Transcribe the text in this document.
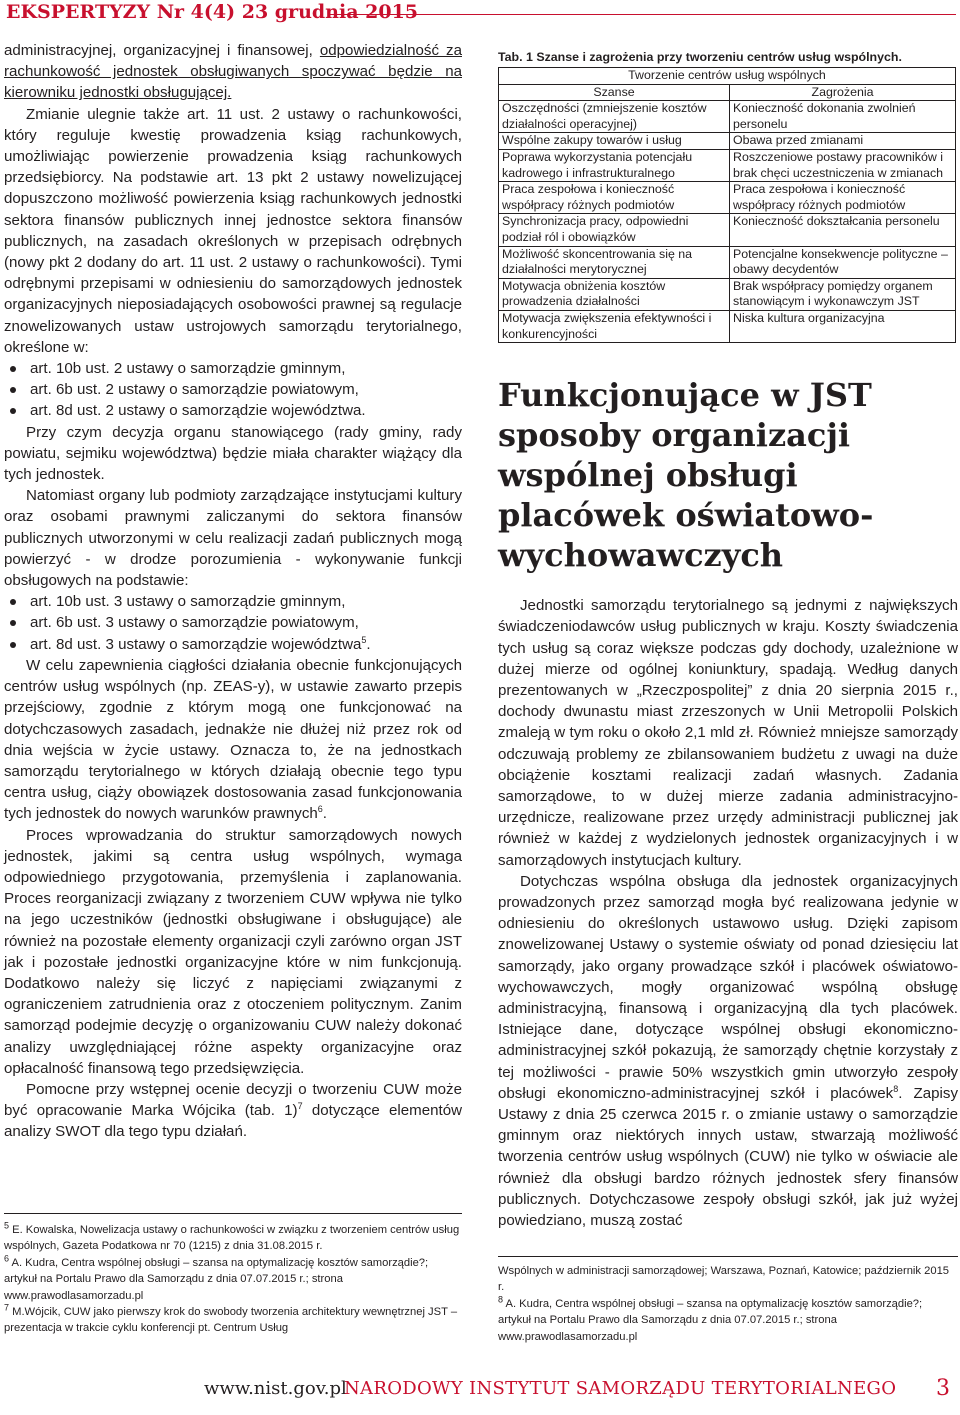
EKSPERTYZY Nr 4(4) 23 grudnia 2015

administracyjnej, organizacyjnej i finansowej, odpowiedzialność za rachunkowość jednostek obsługiwanych spoczywać będzie na kierowniku jednostki obsługującej.

Zmianie ulegnie także art. 11 ust. 2 ustawy o rachunkowości, który reguluje kwestię prowadzenia ksiąg rachunkowych, umożliwiając powierzenie prowadzenia ksiąg rachunkowych przedsiębiorcy. Na podstawie art. 13 pkt 2 ustawy nowelizującej dopuszczono możliwość powierzenia ksiąg rachunkowych jednostki sektora finansów publicznych innej jednostce sektora finansów publicznych, na zasadach określonych w przepisach odrębnych (nowy pkt 2 dodany do art. 11 ust. 2 ustawy o rachunkowości). Tymi odrębnymi przepisami w odniesieniu do samorządowych jednostek organizacyjnych nieposiadających osobowości prawnej są regulacje znowelizowanych ustaw ustrojowych samorządu terytorialnego, określone w:

art. 10b ust. 2 ustawy o samorządzie gminnym,
art. 6b ust. 2 ustawy o samorządzie powiatowym,
art. 8d ust. 2 ustawy o samorządzie województwa.

Przy czym decyzja organu stanowiącego (rady gminy, rady powiatu, sejmiku województwa) będzie miała charakter wiążący dla tych jednostek.

Natomiast organy lub podmioty zarządzające instytucjami kultury oraz osobami prawnymi zaliczanymi do sektora finansów publicznych utworzonymi w celu realizacji zadań publicznych mogą powierzyć - w drodze porozumienia - wykonywanie funkcji obsługowych na podstawie:

art. 10b ust. 3 ustawy o samorządzie gminnym,
art. 6b ust. 3 ustawy o samorządzie powiatowym,
art. 8d ust. 3 ustawy o samorządzie województwa$^5$.

W celu zapewnienia ciągłości działania obecnie funkcjonujących centrów usług wspólnych (np. ZEAS-y), w ustawie zawarto przepis przejściowy, zgodnie z którym mogą one funkcjonować na dotychczasowych zasadach, jednakże nie dłużej niż przez rok od dnia wejścia w życie ustawy. Oznacza to, że na jednostkach samorządu terytorialnego w których działają obecnie tego typu centra usług, ciąży obowiązek dostosowania zasad funkcjonowania tych jednostek do nowych warunków prawnych$^6$.

Proces wprowadzania do struktur samorządowych nowych jednostek, jakimi są centra usług wspólnych, wymaga odpowiedniego przygotowania, przemyślenia i zaplanowania. Proces reorganizacji związany z tworzeniem CUW wpływa nie tylko na jego uczestników (jednostki obsługiwane i obsługujące) ale również na pozostałe elementy organizacji czyli zarówno organ JST jak i pozostałe jednostki organizacyjne które w nim funkcjonują. Dodatkowo należy się liczyć z napięciami związanymi z ograniczeniem zatrudnienia oraz z otoczeniem politycznym. Zanim samorząd podejmie decyzję o organizowaniu CUW należy dokonać analizy uwzględniającej różne aspekty organizacyjne oraz opłacalność finansową tego przedsięwzięcia.

Pomocne przy wstępnej ocenie decyzji o tworzeniu CUW może być opracowanie Marka Wójcika (tab. 1)$^7$ dotyczące elementów analizy SWOT dla tego typu działań.

$^5$ E. Kowalska, Nowelizacja ustawy o rachunkowości w związku z tworzeniem centrów usług wspólnych, Gazeta Podatkowa nr 70 (1215) z dnia 31.08.2015 r.

$^6$ A. Kudra, Centra wspólnej obsługi – szansa na optymalizację kosztów samorządie?; artykuł na Portalu Prawo dla Samorządu z dnia 07.07.2015 r.; strona www.prawodlasamorzadu.pl

$^7$ M.Wójcik, CUW jako pierwszy krok do swobody tworzenia architektury wewnętrznej JST – prezentacja w trakcie cyklu konferencji pt. Centrum Usług

Tab. 1 Szanse i zagrożenia przy tworzeniu centrów usług wspólnych.
Tworzenie centrów usług wspólnych	
Szanse	Zagrożenia
Oszczędności (zmniejszenie kosztów działalności operacyjnej)	Konieczność dokonania zwolnień personelu
Wspólne zakupy towarów i usług	Obawa przed zmianami
Poprawa wykorzystania potencjału kadrowego i infrastrukturalnego	Roszczeniowe postawy pracowników i brak chęci uczestniczenia w zmianach
Praca zespołowa i konieczność współpracy różnych podmiotów	Praca zespołowa i konieczność współpracy różnych podmiotów
Synchronizacja pracy, odpowiedni podział ról i obowiązków	Konieczność dokształcania personelu
Możliwość skoncentrowania się na działalności merytorycznej	Potencjalne konsekwencje polityczne – obawy decydentów
Motywacja obniżenia kosztów prowadzenia działalności	Brak współpracy pomiędzy organem stanowiącym i wykonawczym JST
Motywacja zwiększenia efektywności i konkurencyjności	Niska kultura organizacyjna
Funkcjonujące w JST sposoby organizacji wspólnej obsługi placówek oświatowo-wychowawczych

Jednostki samorządu terytorialnego są jednymi z największych świadczeniodawców usług publicznych w kraju. Koszty świadczenia tych usług są coraz większe podczas gdy dochody, uzależnione w dużej mierze od ogólnej koniunktury, spadają. Według danych prezentowanych w „Rzeczpospolitej” z dnia 20 sierpnia 2015 r., dochody dwunastu miast zrzeszonych w Unii Metropolii Polskich zmaleją w tym roku o około 2,1 mld zł. Również mniejsze samorządy odczuwają problemy ze zbilansowaniem budżetu z uwagi na duże obciążenie kosztami realizacji zadań własnych. Zadania samorządowe, to w dużej mierze zadania administracyjno-urzędnicze, realizowane przez urzędy administracji publicznej jak również w każdej z wydzielonych jednostek organizacyjnych i w samorządowych instytucjach kultury.

Dotychczas wspólna obsługa dla jednostek organizacyjnych prowadzonych przez samorząd mogła być realizowana jedynie w odniesieniu do określonych ustawowo usług. Dzięki zapisom znowelizowanej Ustawy o systemie oświaty od ponad dziesięciu lat samorządy, jako organy prowadzące szkół i placówek oświatowo-wychowawczych, mogły organizować wspólną obsługę administracyjną, finansową i organizacyjną dla tych placówek. Istniejące dane, dotyczące wspólnej obsługi ekonomiczno-administracyjnej szkół pokazują, że samorządy chętnie korzystały z tej możliwości - prawie 50% wszystkich gmin utworzyło zespoły obsługi ekonomiczno-administracyjnej szkół i placówek$^8$. Zapisy Ustawy z dnia 25 czerwca 2015 r. o zmianie ustawy o samorządzie gminnym oraz niektórych innych ustaw, stwarzają możliwość tworzenia centrów usług wspólnych (CUW) nie tylko w oświacie ale również dla obsługi bardzo różnych jednostek sfery finansów publicznych. Dotychczasowe zespoły obsługi szkół, jak już wyżej powiedziano, muszą zostać

Wspólnych w administracji samorządowej; Warszawa, Poznań, Katowice; październik 2015 r.

$^8$ A. Kudra, Centra wspólnej obsługi – szansa na optymalizację kosztów samorządie?; artykuł na Portalu Prawo dla Samorządu z dnia 07.07.2015 r.; strona www.prawodlasamorzadu.pl

www.nist.gov.pl
NARODOWY INSTYTUT SAMORZĄDU TERYTORIALNEGO 3
